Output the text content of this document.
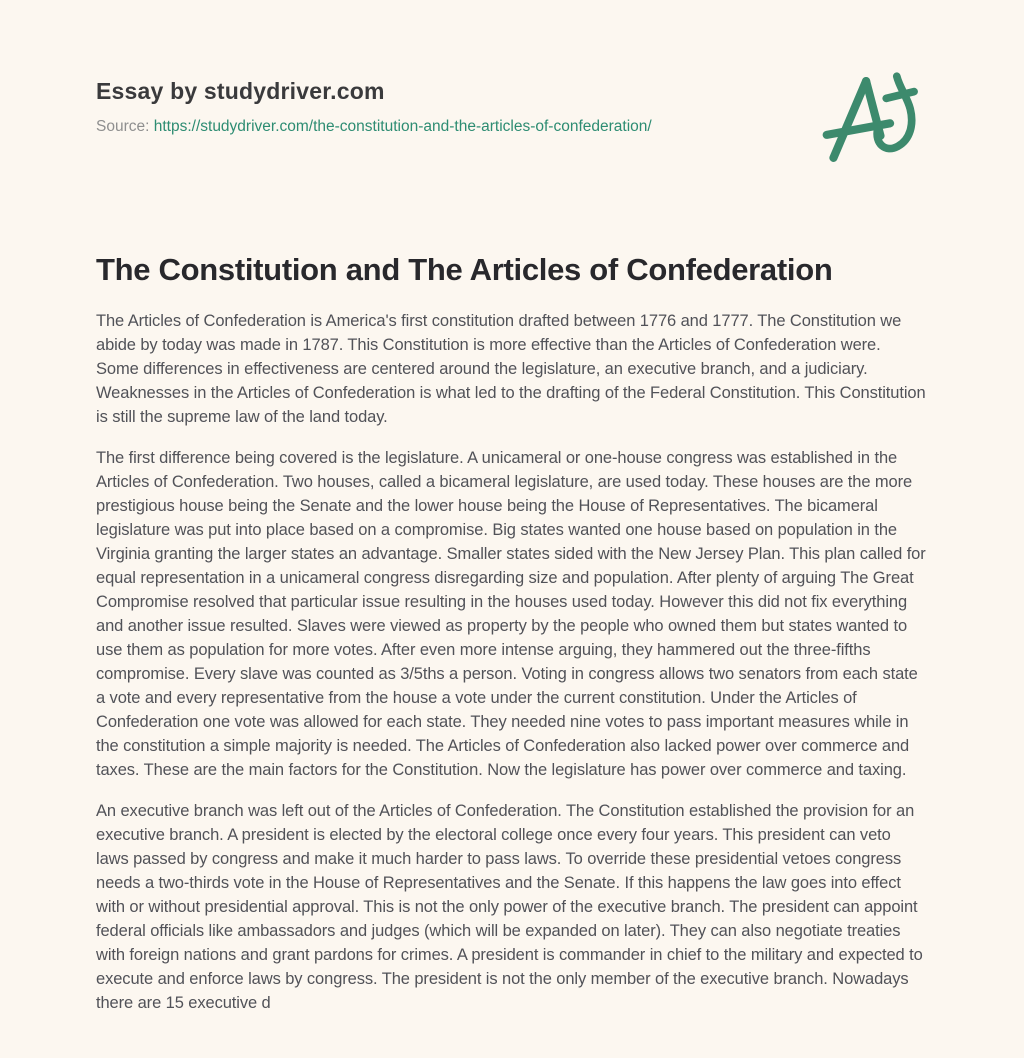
Essay by studydriver.com

Source: https://studydriver.com/the-constitution-and-the-articles-of-confederation/

The Constitution and The Articles of Confederation

The Articles of Confederation is America's first constitution drafted between 1776 and 1777. The Constitution we abide by today was made in 1787. This Constitution is more effective than the Articles of Confederation were. Some differences in effectiveness are centered around the legislature, an executive branch, and a judiciary. Weaknesses in the Articles of Confederation is what led to the drafting of the Federal Constitution. This Constitution is still the supreme law of the land today.

The first difference being covered is the legislature. A unicameral or one-house congress was established in the Articles of Confederation. Two houses, called a bicameral legislature, are used today. These houses are the more prestigious house being the Senate and the lower house being the House of Representatives. The bicameral legislature was put into place based on a compromise. Big states wanted one house based on population in the Virginia granting the larger states an advantage. Smaller states sided with the New Jersey Plan. This plan called for equal representation in a unicameral congress disregarding size and population. After plenty of arguing The Great Compromise resolved that particular issue resulting in the houses used today. However this did not fix everything and another issue resulted. Slaves were viewed as property by the people who owned them but states wanted to use them as population for more votes. After even more intense arguing, they hammered out the three-fifths compromise. Every slave was counted as 3/5ths a person. Voting in congress allows two senators from each state a vote and every representative from the house a vote under the current constitution. Under the Articles of Confederation one vote was allowed for each state. They needed nine votes to pass important measures while in the constitution a simple majority is needed. The Articles of Confederation also lacked power over commerce and taxes. These are the main factors for the Constitution. Now the legislature has power over commerce and taxing.

An executive branch was left out of the Articles of Confederation. The Constitution established the provision for an executive branch. A president is elected by the electoral college once every four years. This president can veto laws passed by congress and make it much harder to pass laws. To override these presidential vetoes congress needs a two-thirds vote in the House of Representatives and the Senate. If this happens the law goes into effect with or without presidential approval. This is not the only power of the executive branch. The president can appoint federal officials like ambassadors and judges (which will be expanded on later). They can also negotiate treaties with foreign nations and grant pardons for crimes. A president is commander in chief to the military and expected to execute and enforce laws by congress. The president is not the only member of the executive branch. Nowadays there are 15 executive d
